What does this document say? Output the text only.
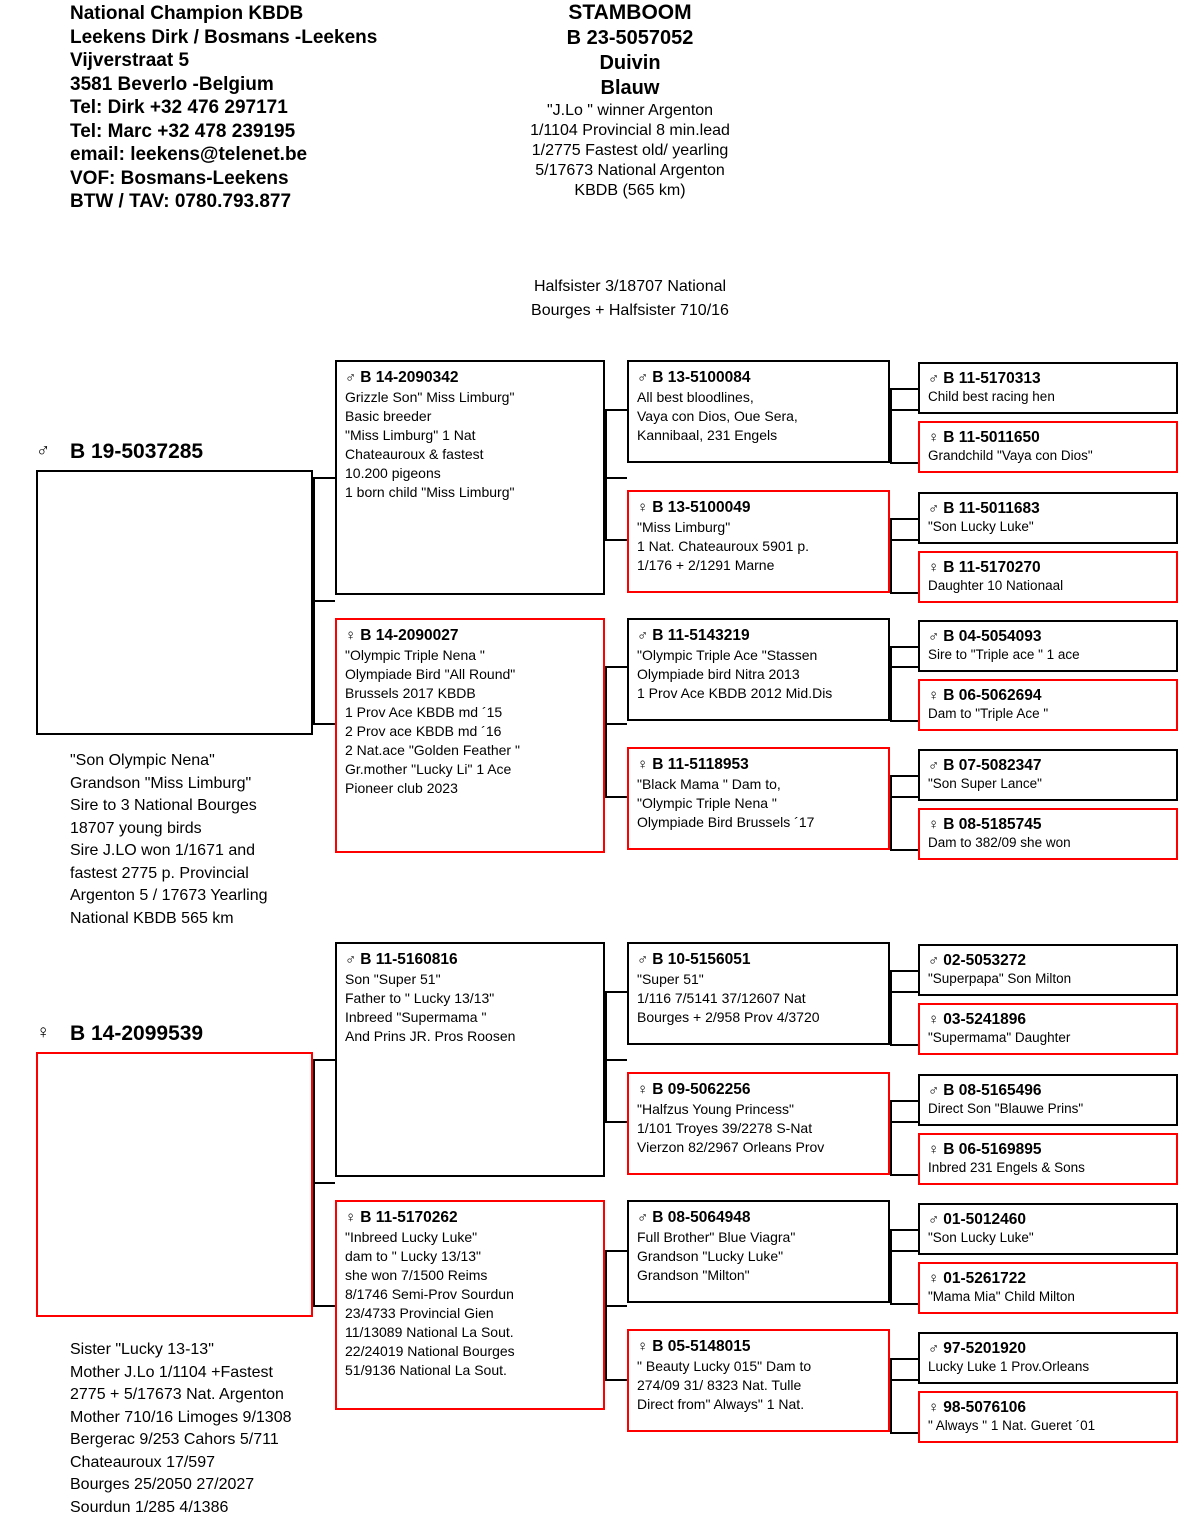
National Champion KBDB
Leekens Dirk / Bosmans -Leekens
Vijverstraat 5
3581 Beverlo -Belgium
Tel: Dirk +32 476 297171
Tel: Marc +32 478 239195
email: leekens@telenet.be
VOF: Bosmans-Leekens
BTW / TAV: 0780.793.877
STAMBOOM
B 23-5057052
Duivin
Blauw
"J.Lo " winner Argenton
1/1104 Provincial 8 min.lead
1/2775 Fastest old/ yearling
5/17673 National Argenton
KBDB (565 km)
Halfsister 3/18707 National
Bourges + Halfsister 710/16
♂ B 19-5037285
"Son Olympic Nena"
Grandson "Miss Limburg"
Sire to 3 National Bourges
18707 young birds
Sire J.LO won 1/1671 and
fastest 2775 p. Provincial
Argenton 5 / 17673 Yearling
National KBDB 565 km
♀ B 14-2099539
Sister "Lucky 13-13"
Mother J.Lo 1/1104 +Fastest
2775 + 5/17673 Nat. Argenton
Mother 710/16 Limoges 9/1308
Bergerac 9/253 Cahors 5/711
Chateauroux 17/597
Bourges 25/2050 27/2027
Sourdun 1/285 4/1386
♂ B 14-2090342
Grizzle Son" Miss Limburg"
Basic breeder
"Miss Limburg" 1 Nat
Chateauroux & fastest
10.200 pigeons
1 born child "Miss Limburg"
♀ B 14-2090027
"Olympic Triple Nena "
Olympiade Bird "All Round"
Brussels 2017 KBDB
1 Prov Ace KBDB md ´15
2 Prov ace KBDB md ´16
2 Nat.ace "Golden Feather "
Gr.mother "Lucky Li" 1 Ace
Pioneer club 2023
♂ B 11-5160816
Son "Super 51"
Father to " Lucky 13/13"
Inbreed "Supermama "
And Prins JR. Pros Roosen
♀ B 11-5170262
"Inbreed Lucky Luke"
dam to " Lucky 13/13"
she won 7/1500 Reims
8/1746 Semi-Prov Sourdun
23/4733 Provincial Gien
11/13089 National La Sout.
22/24019 National Bourges
51/9136 National La Sout.
♂ B 13-5100084
All best bloodlines,
Vaya con Dios, Oue Sera,
Kannibaal, 231 Engels
♀ B 13-5100049
"Miss Limburg"
1 Nat. Chateauroux 5901 p.
1/176 + 2/1291 Marne
♂ B 11-5143219
"Olympic Triple Ace "Stassen
Olympiade bird Nitra 2013
1 Prov Ace KBDB 2012 Mid.Dis
♀ B 11-5118953
"Black Mama " Dam to,
"Olympic Triple Nena "
Olympiade Bird Brussels ´17
♂ B 10-5156051
"Super 51"
1/116 7/5141 37/12607 Nat
Bourges + 2/958 Prov 4/3720
♀ B 09-5062256
"Halfzus Young Princess"
1/101 Troyes 39/2278 S-Nat
Vierzon 82/2967 Orleans Prov
♂ B 08-5064948
Full Brother" Blue Viagra"
Grandson "Lucky Luke"
Grandson "Milton"
♀ B 05-5148015
" Beauty Lucky 015" Dam to
274/09 31/ 8323 Nat. Tulle
Direct from" Always" 1 Nat.
♂ B 11-5170313
Child best racing hen
♀ B 11-5011650
Grandchild "Vaya con Dios"
♂ B 11-5011683
"Son Lucky Luke"
♀ B 11-5170270
Daughter 10 Nationaal
♂ B 04-5054093
Sire to "Triple ace " 1 ace
♀ B 06-5062694
Dam to "Triple Ace "
♂ B 07-5082347
"Son Super Lance"
♀ B 08-5185745
Dam to 382/09 she won
♂ 02-5053272
"Superpapa" Son Milton
♀ 03-5241896
"Supermama" Daughter
♂ B 08-5165496
Direct Son "Blauwe Prins"
♀ B 06-5169895
Inbred 231 Engels & Sons
♂ 01-5012460
"Son Lucky Luke"
♀ 01-5261722
"Mama Mia" Child Milton
♂ 97-5201920
Lucky Luke 1 Prov.Orleans
♀ 98-5076106
" Always " 1 Nat. Gueret ´01
